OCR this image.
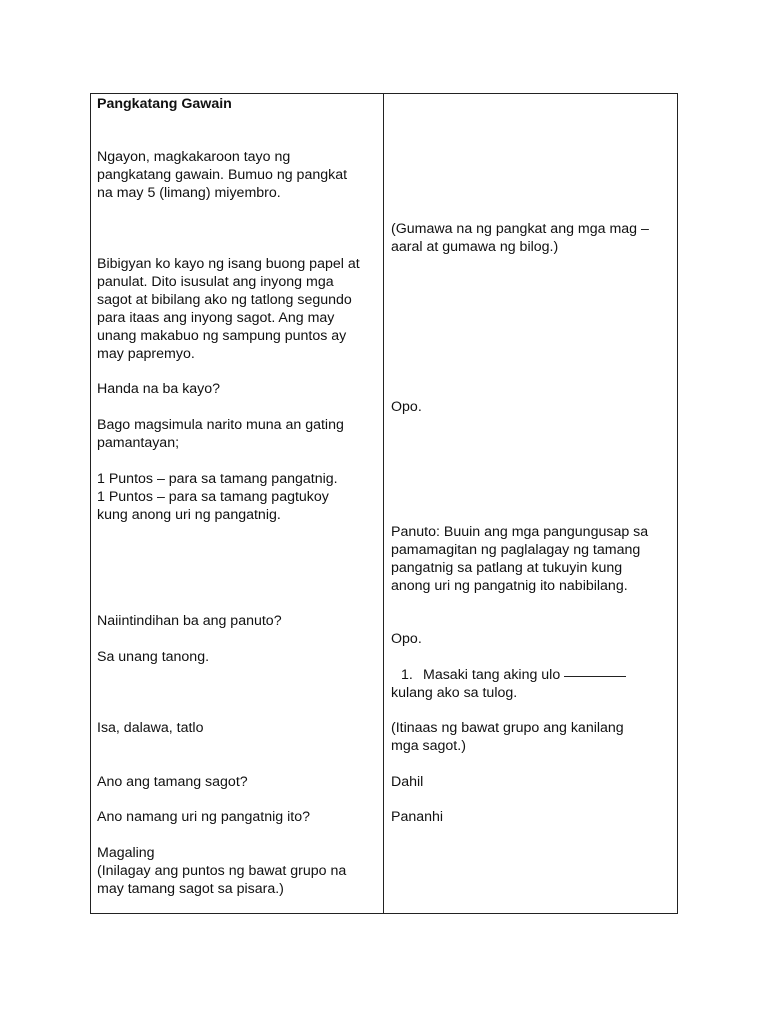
Pangkatang Gawain
Ngayon, magkakaroon tayo ng
pangkatang gawain. Bumuo ng pangkat
na may 5 (limang) miyembro.
Bibigyan ko kayo ng isang buong papel at
panulat. Dito isusulat ang inyong mga
sagot at bibilang ako ng tatlong segundo
para itaas ang inyong sagot. Ang may
unang makabuo ng sampung puntos ay
may papremyo.
Handa na ba kayo?
Bago magsimula narito muna an gating
pamantayan;
1 Puntos – para sa tamang pangatnig.
1 Puntos – para sa tamang pagtukoy
kung anong uri ng pangatnig.
Naiintindihan ba ang panuto?
Sa unang tanong.
Isa, dalawa, tatlo
Ano ang tamang sagot?
Ano namang uri ng pangatnig ito?
Magaling
(Inilagay ang puntos ng bawat grupo na
may tamang sagot sa pisara.)
(Gumawa na ng pangkat ang mga mag –
aaral at gumawa ng bilog.)
Opo.
Panuto: Buuin ang mga pangungusap sa
pamamagitan ng paglalagay ng tamang
pangatnig sa patlang at tukuyin kung
anong uri ng pangatnig ito nabibilang.
Opo.
1. Masaki tang aking ulo
kulang ako sa tulog.
(Itinaas ng bawat grupo ang kanilang
mga sagot.)
Dahil
Pananhi
